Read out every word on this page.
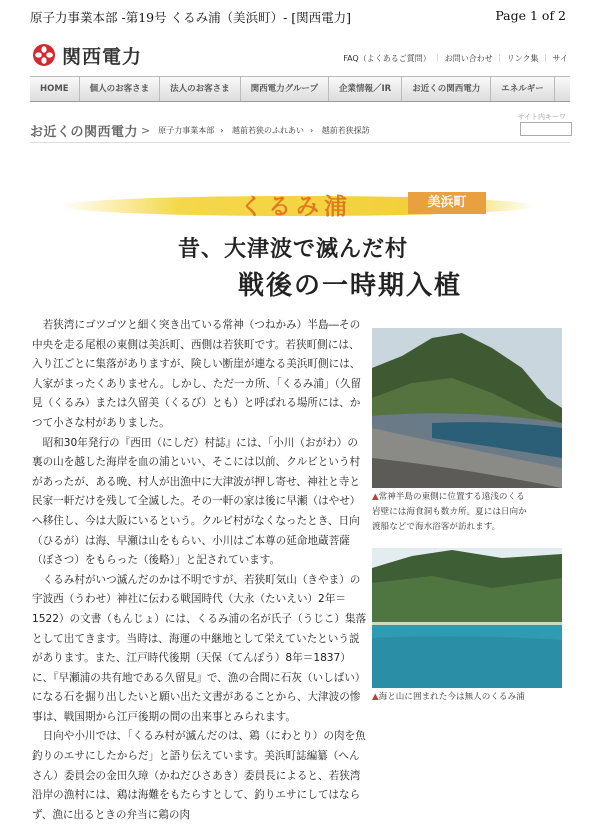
原子力事業本部 -第19号 くるみ浦（美浜町）- [関西電力]	Page 1 of 2
関西電力	FAQ（よくあるご質問） ｜ お問い合わせ ｜ リンク集 ｜ サイ
HOME	個人のお客さま	法人のお客さま	関西電力グループ	企業情報／IR	お近くの関西電力	エネルギー
サイト内キーワ
お近くの関西電力 > 原子力事業本部 › 越前若狭のふれあい › 越前若狭探訪
くるみ浦	美浜町
昔、大津波で滅んだ村
戦後の一時期入植

若狭湾にゴツゴツと細く突き出ている常神（つねかみ）半島―その中央を走る尾根の東側は美浜町、西側は若狭町です。若狭町側には、入り江ごとに集落がありますが、険しい断崖が連なる美浜町側には、人家がまったくありません。しかし、ただ一カ所、「くるみ浦」（久留見（くるみ）または久留美（くるび）とも）と呼ばれる場所には、かつて小さな村がありました。

昭和30年発行の『西田（にしだ）村誌』には、「小川（おがわ）の裏の山を越した海岸を血の浦といい、そこには以前、クルビという村があったが、ある晩、村人が出漁中に大津波が押し寄せ、神社と寺と民家一軒だけを残して全滅した。その一軒の家は後に早瀬（はやせ）へ移住し、今は大阪にいるという。クルビ村がなくなったとき、日向（ひるが）は海、早瀬は山をもらい、小川はご本尊の延命地蔵菩薩（ぼさつ）をもらった（後略）」と記されています。

くるみ村がいつ滅んだのかは不明ですが、若狭町気山（きやま）の宇波西（うわせ）神社に伝わる戦国時代（大永（たいえい）2年＝1522）の文書（もんじょ）には、くるみ浦の名が氏子（うじこ）集落として出てきます。当時は、海運の中継地として栄えていたという説があります。また、江戸時代後期（天保（てんぽう）8年＝1837）に、『早瀬浦の共有地である久留見』で、漁の合間に石灰（いしばい）になる石を掘り出したいと願い出た文書があることから、大津波の惨事は、戦国期から江戸後期の間の出来事とみられます。

日向や小川では、「くるみ村が滅んだのは、鶏（にわとり）の肉を魚釣りのエサにしたからだ」と語り伝えています。美浜町誌編纂（へんさん）委員会の金田久璋（かねだひさあき）委員長によると、若狭湾沿岸の漁村には、鶏は海難をもたらすとして、釣りエサにしてはならず、漁に出るときの弁当に鶏の肉

▲常神半島の東側に位置する遠浅のくる
岩壁には海食洞も数カ所。夏には日向か
渡船などで海水浴客が訪れます。
▲海と山に囲まれた今は無人のくるみ浦
